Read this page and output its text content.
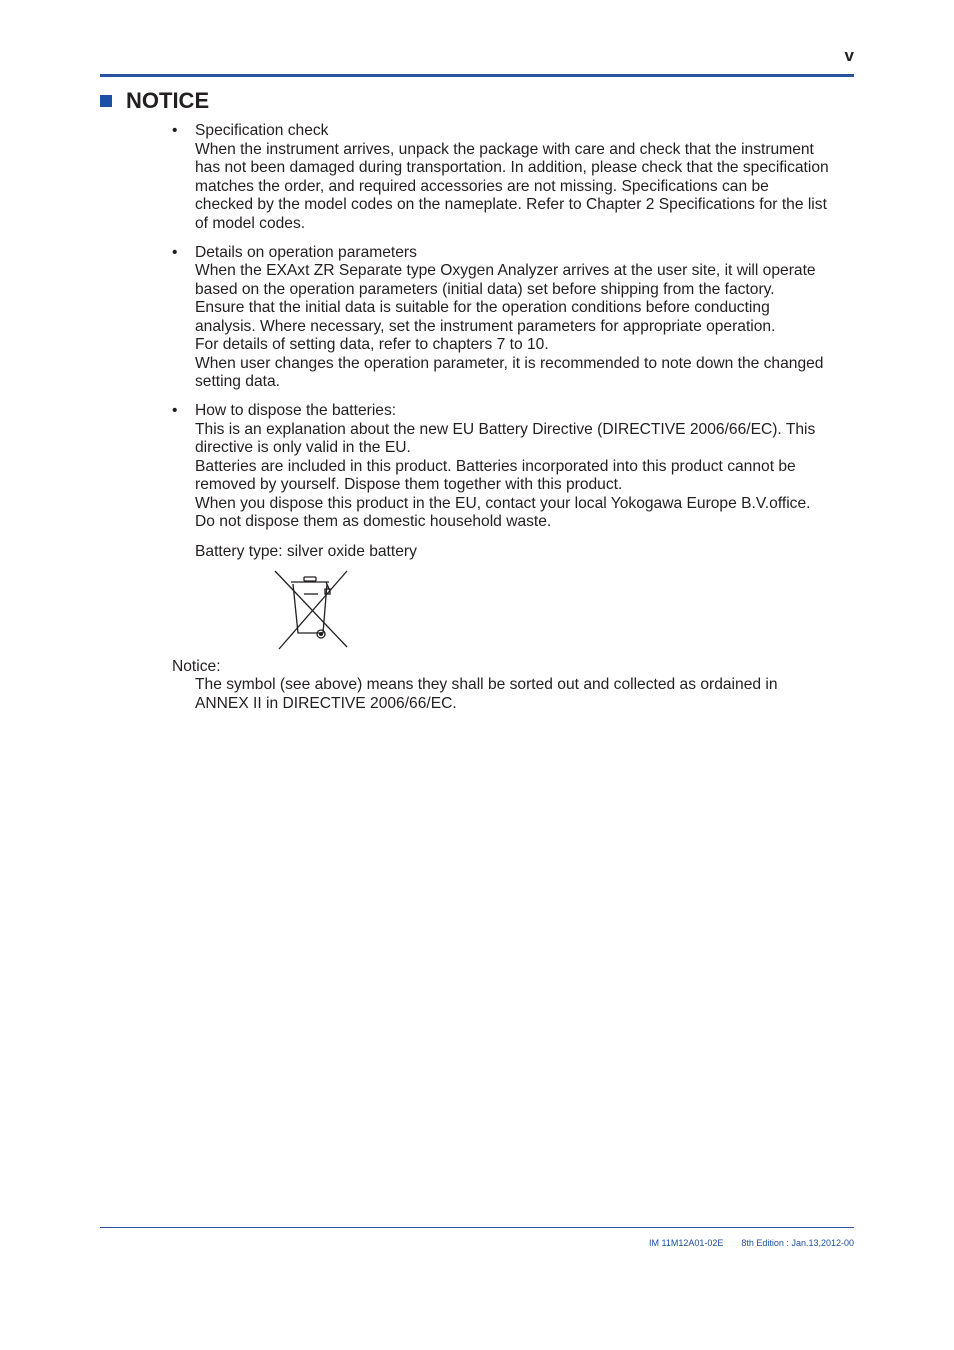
v
NOTICE
• Specification check
When the instrument arrives, unpack the package with care and check that the instrument
has not been damaged during transportation. In addition, please check that the specification
matches the order, and required accessories are not missing. Specifications can be
checked by the model codes on the nameplate. Refer to Chapter 2 Specifications for the list
of model codes.
• Details on operation parameters
When the EXAxt ZR Separate type Oxygen Analyzer arrives at the user site, it will operate
based on the operation parameters (initial data) set before shipping from the factory.
Ensure that the initial data is suitable for the operation conditions before conducting
analysis. Where necessary, set the instrument parameters for appropriate operation.
For details of setting data, refer to chapters 7 to 10.
When user changes the operation parameter, it is recommended to note down the changed
setting data.
• How to dispose the batteries:
This is an explanation about the new EU Battery Directive (DIRECTIVE 2006/66/EC). This
directive is only valid in the EU.
Batteries are included in this product. Batteries incorporated into this product cannot be
removed by yourself. Dispose them together with this product.
When you dispose this product in the EU, contact your local Yokogawa Europe B.V.office.
Do not dispose them as domestic household waste.
Battery type: silver oxide battery
Notice:
The symbol (see above) means they shall be sorted out and collected as ordained in
ANNEX II in DIRECTIVE 2006/66/EC.
IM 11M12A01-02E 8th Edition : Jan.13,2012-00
